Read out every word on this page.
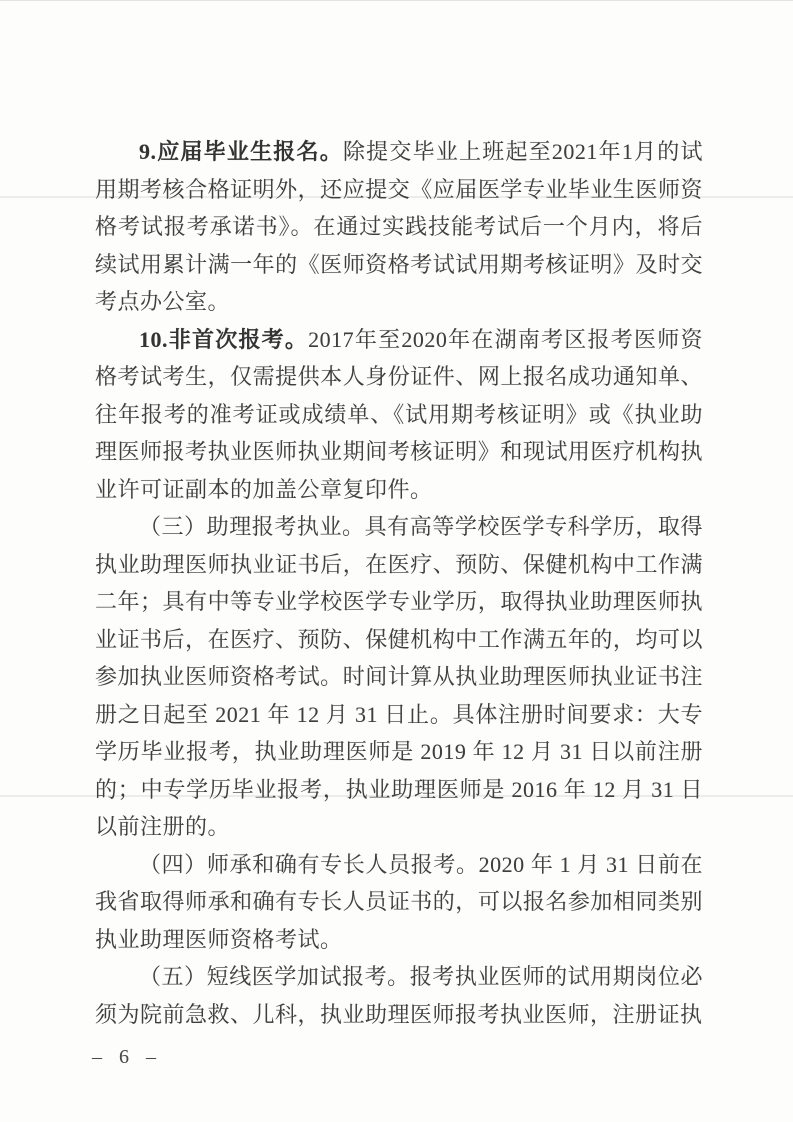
9.应届毕业生报名。除提交毕业上班起至2021年1月的试用期考核合格证明外，还应提交《应届医学专业毕业生医师资格考试报考承诺书》。在通过实践技能考试后一个月内，将后续试用累计满一年的《医师资格考试试用期考核证明》及时交考点办公室。

10.非首次报考。2017年至2020年在湖南考区报考医师资格考试考生，仅需提供本人身份证件、网上报名成功通知单、往年报考的准考证或成绩单、《试用期考核证明》或《执业助理医师报考执业医师执业期间考核证明》和现试用医疗机构执业许可证副本的加盖公章复印件。

（三）助理报考执业。具有高等学校医学专科学历，取得执业助理医师执业证书后，在医疗、预防、保健机构中工作满二年；具有中等专业学校医学专业学历，取得执业助理医师执业证书后，在医疗、预防、保健机构中工作满五年的，均可以参加执业医师资格考试。时间计算从执业助理医师执业证书注册之日起至 2021 年 12 月 31 日止。具体注册时间要求：大专学历毕业报考，执业助理医师是 2019 年 12 月 31 日以前注册的；中专学历毕业报考，执业助理医师是 2016 年 12 月 31 日以前注册的。

（四）师承和确有专长人员报考。2020 年 1 月 31 日前在我省取得师承和确有专长人员证书的，可以报名参加相同类别执业助理医师资格考试。

（五）短线医学加试报考。报考执业医师的试用期岗位必须为院前急救、儿科，执业助理医师报考执业医师，注册证执

– 6 –
